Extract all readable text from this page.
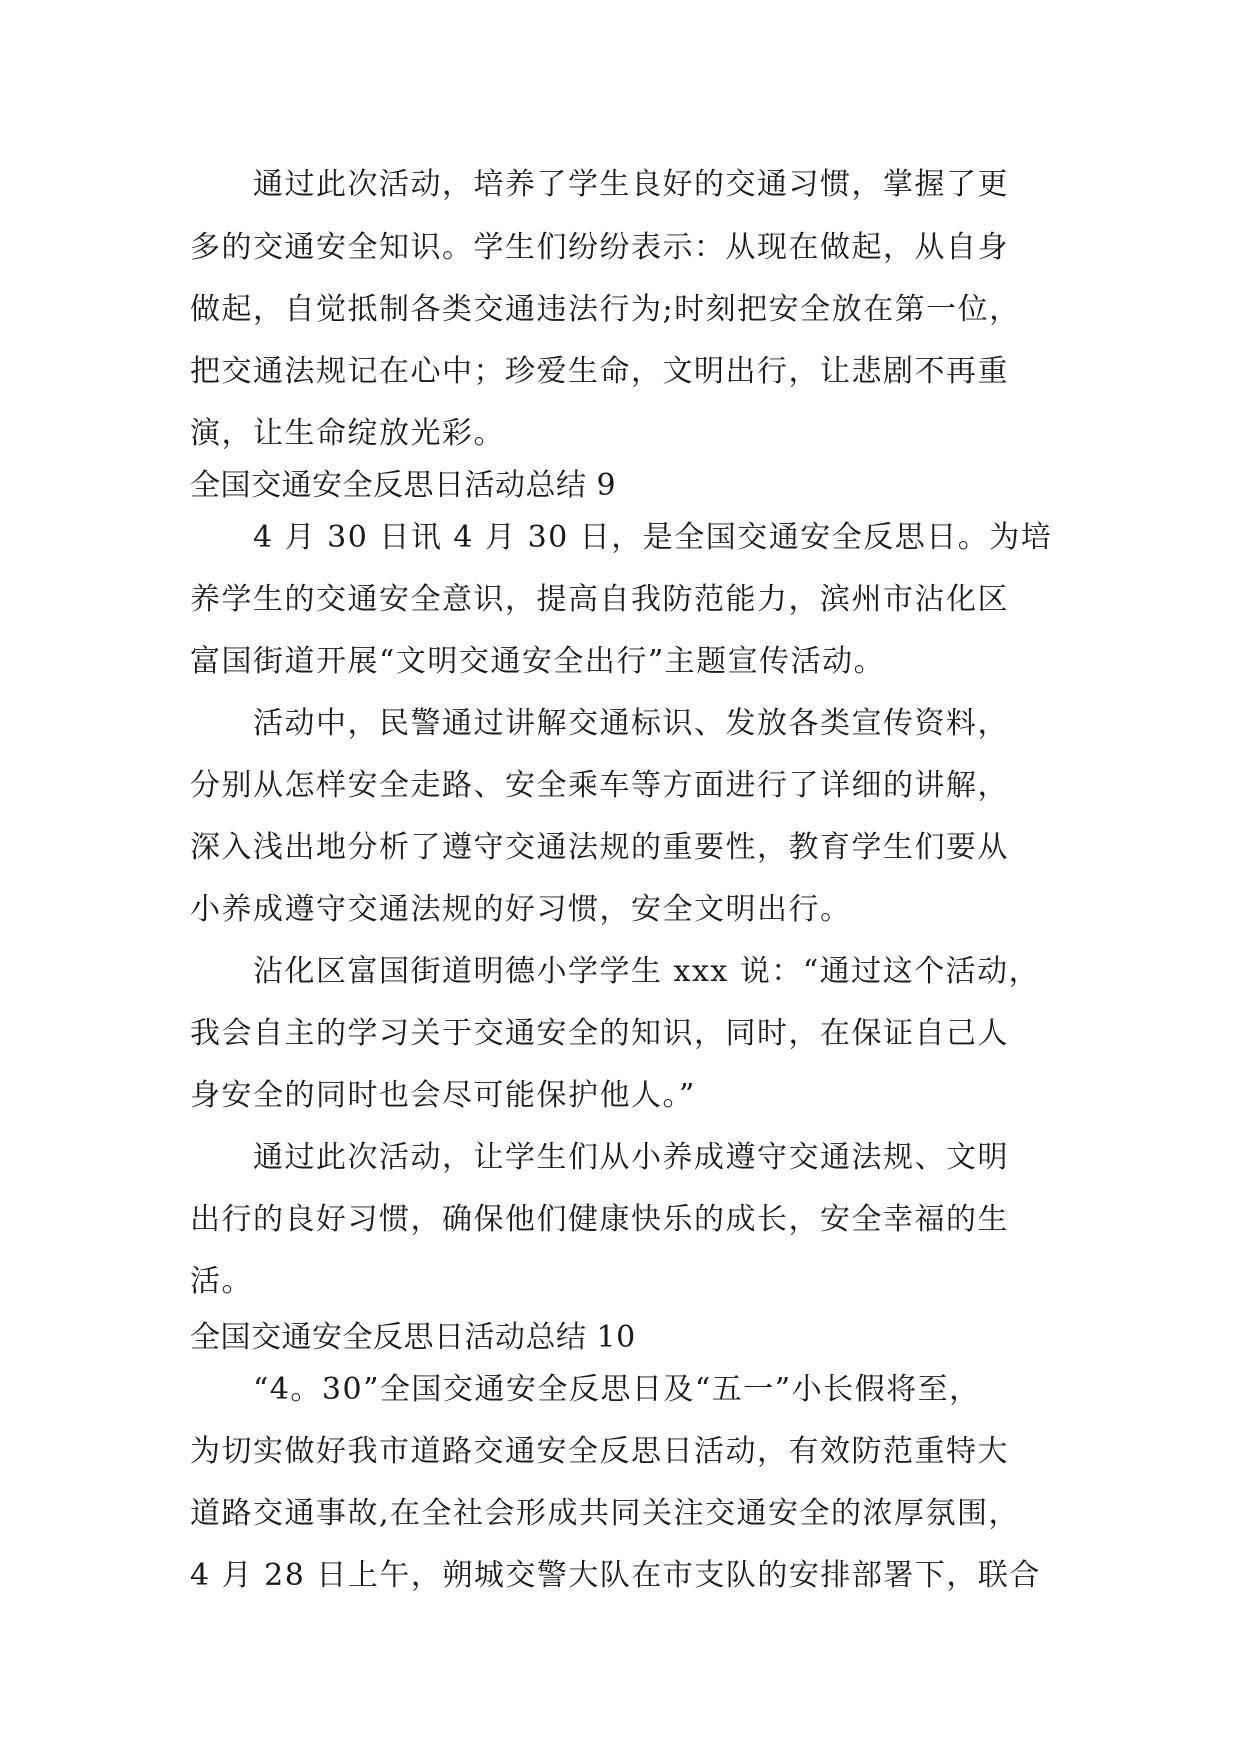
通过此次活动，培养了学生良好的交通习惯，掌握了更
多的交通安全知识。学生们纷纷表示：从现在做起，从自身
做起，自觉抵制各类交通违法行为;时刻把安全放在第一位，
把交通法规记在心中；珍爱生命，文明出行，让悲剧不再重
演，让生命绽放光彩。
全国交通安全反思日活动总结 9
4 月 30 日讯 4 月 30 日，是全国交通安全反思日。为培
养学生的交通安全意识，提高自我防范能力，滨州市沾化区
富国街道开展“文明交通安全出行”主题宣传活动。
活动中，民警通过讲解交通标识、发放各类宣传资料，
分别从怎样安全走路、安全乘车等方面进行了详细的讲解，
深入浅出地分析了遵守交通法规的重要性，教育学生们要从
小养成遵守交通法规的好习惯，安全文明出行。
沾化区富国街道明德小学学生 xxx 说：“通过这个活动，
我会自主的学习关于交通安全的知识，同时，在保证自己人
身安全的同时也会尽可能保护他人。”
通过此次活动，让学生们从小养成遵守交通法规、文明
出行的良好习惯，确保他们健康快乐的成长，安全幸福的生
活。
全国交通安全反思日活动总结 10
“4。30”全国交通安全反思日及“五一”小长假将至，
为切实做好我市道路交通安全反思日活动，有效防范重特大
道路交通事故,在全社会形成共同关注交通安全的浓厚氛围，
4 月 28 日上午，朔城交警大队在市支队的安排部署下，联合
